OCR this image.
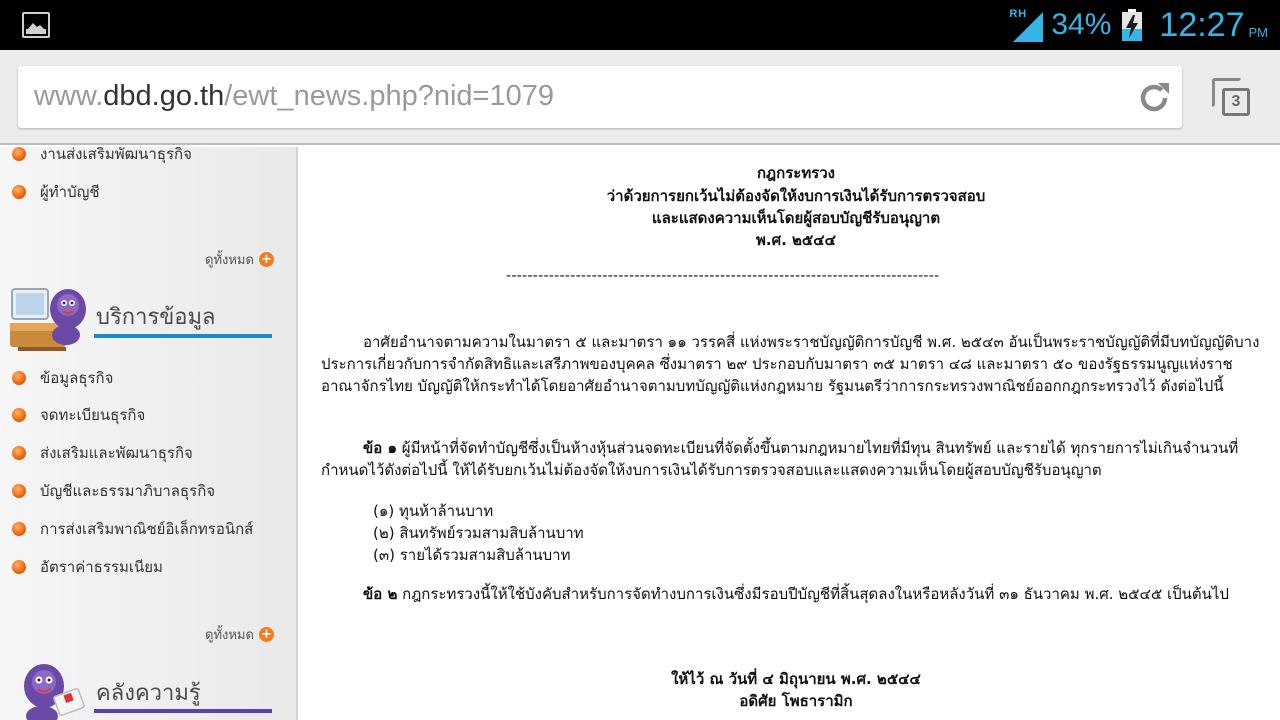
RH 34% 12:27 PM
www.dbd.go.th/ewt_news.php?nid=1079	3
งานส่งเสริมพัฒนาธุรกิจ
ผู้ทำบัญชี
ดูทั้งหมด +
บริการข้อมูล
ข้อมูลธุรกิจ
จดทะเบียนธุรกิจ
ส่งเสริมและพัฒนาธุรกิจ
บัญชีและธรรมาภิบาลธุรกิจ
การส่งเสริมพาณิชย์อิเล็กทรอนิกส์
อัตราค่าธรรมเนียม
ดูทั้งหมด +
คลังความรู้
กฎกระทรวง
ว่าด้วยการยกเว้นไม่ต้องจัดให้งบการเงินได้รับการตรวจสอบ
และแสดงความเห็นโดยผู้สอบบัญชีรับอนุญาต
พ.ศ. ๒๕๔๔
---------------------------------------------------------------------------------
อาศัยอำนาจตามความในมาตรา ๕ และมาตรา ๑๑ วรรคสี่ แห่งพระราชบัญญัติการบัญชี พ.ศ. ๒๕๔๓ อันเป็นพระราชบัญญัติที่มีบทบัญญัติบางประการเกี่ยวกับการจำกัดสิทธิและเสรีภาพของบุคคล ซึ่งมาตรา ๒๙ ประกอบกับมาตรา ๓๕ มาตรา ๔๘ และมาตรา ๕๐ ของรัฐธรรมนูญแห่งราชอาณาจักรไทย บัญญัติให้กระทำได้โดยอาศัยอำนาจตามบทบัญญัติแห่งกฎหมาย รัฐมนตรีว่าการกระทรวงพาณิชย์ออกกฎกระทรวงไว้ ดังต่อไปนี้
ข้อ ๑ ผู้มีหน้าที่จัดทำบัญชีซึ่งเป็นห้างหุ้นส่วนจดทะเบียนที่จัดตั้งขึ้นตามกฎหมายไทยที่มีทุน สินทรัพย์ และรายได้ ทุกรายการไม่เกินจำนวนที่กำหนดไว้ดังต่อไปนี้ ให้ได้รับยกเว้นไม่ต้องจัดให้งบการเงินได้รับการตรวจสอบและแสดงความเห็นโดยผู้สอบบัญชีรับอนุญาต
(๑) ทุนห้าล้านบาท
(๒) สินทรัพย์รวมสามสิบล้านบาท
(๓) รายได้รวมสามสิบล้านบาท
ข้อ ๒ กฎกระทรวงนี้ให้ใช้บังคับสำหรับการจัดทำงบการเงินซึ่งมีรอบปีบัญชีที่สิ้นสุดลงในหรือหลังวันที่ ๓๑ ธันวาคม พ.ศ. ๒๕๔๕ เป็นต้นไป
ให้ไว้ ณ วันที่ ๔ มิถุนายน พ.ศ. ๒๕๔๔
อดิศัย โพธารามิก
